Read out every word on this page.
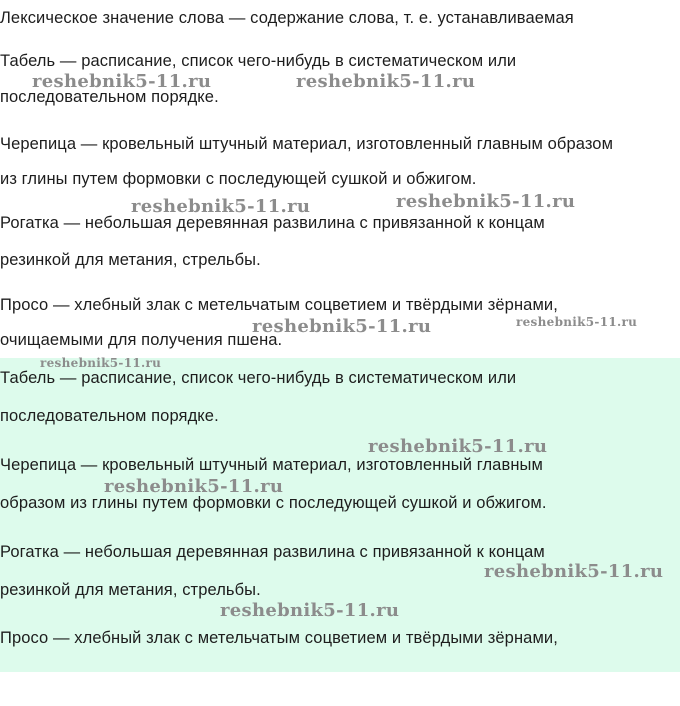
Лексическое значение слова — содержание слова, т. е. устанавливаемая

Табель — расписание, список чего-нибудь в систематическом или

последовательном порядке.

Черепица — кровельный штучный материал, изготовленный главным образом

из глины путем формовки с последующей сушкой и обжигом.

Рогатка — небольшая деревянная развилина с привязанной к концам

резинкой для метания, стрельбы.

Просо — хлебный злак с метельчатым соцветием и твёрдыми зёрнами,

очищаемыми для получения пшена.

Табель — расписание, список чего-нибудь в систематическом или

последовательном порядке.

Черепица — кровельный штучный материал, изготовленный главным

образом из глины путем формовки с последующей сушкой и обжигом.

Рогатка — небольшая деревянная развилина с привязанной к концам

резинкой для метания, стрельбы.

Просо — хлебный злак с метельчатым соцветием и твёрдыми зёрнами,

reshebnik5-11.ru	reshebnik5-11.ru
reshebnik5-11.ru
reshebnik5-11.ru
reshebnik5-11.ru	reshebnik5-11.ru
reshebnik5-11.ru
reshebnik5-11.ru
reshebnik5-11.ru
reshebnik5-11.ru
reshebnik5-11.ru
